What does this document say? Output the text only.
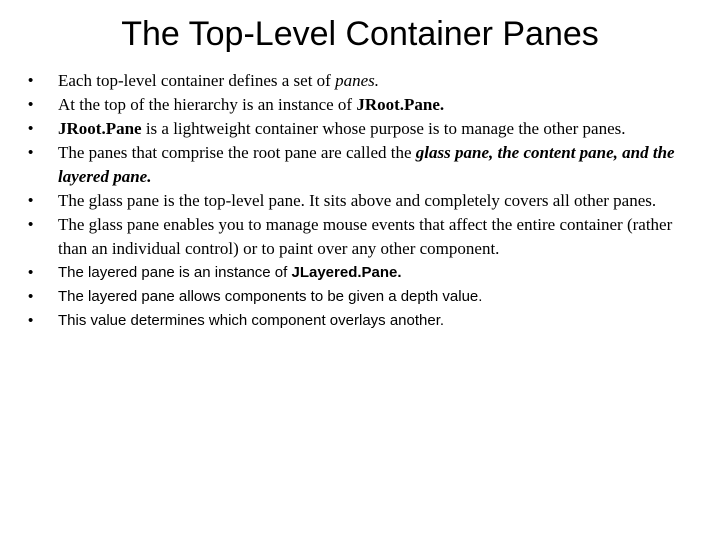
The Top-Level Container Panes
• Each top-level container defines a set of panes.
• At the top of the hierarchy is an instance of JRoot.Pane.
• JRoot.Pane is a lightweight container whose purpose is to manage the other panes.
• The panes that comprise the root pane are called the glass pane, the content pane, and the layered pane.
• The glass pane is the top-level pane. It sits above and completely covers all other panes.
• The glass pane enables you to manage mouse events that affect the entire container (rather than an individual control) or to paint over any other component.
• The layered pane is an instance of JLayered.Pane.
• The layered pane allows components to be given a depth value.
• This value determines which component overlays another.
